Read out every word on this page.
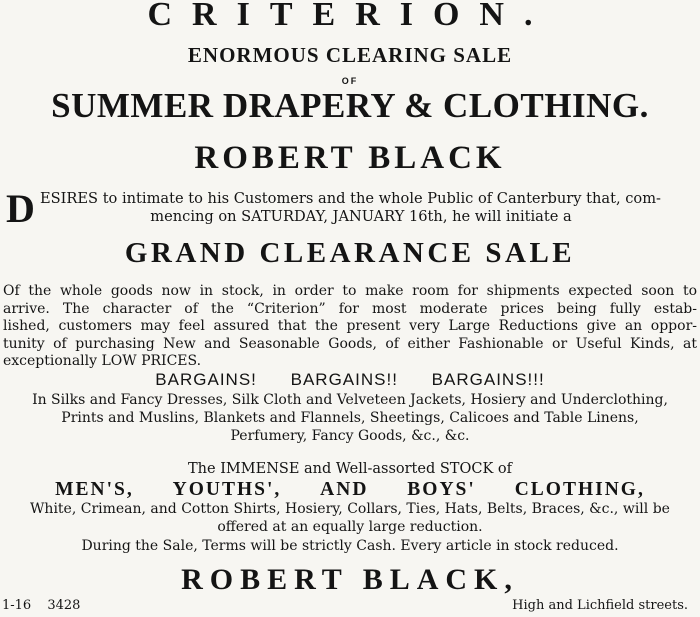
CRITERION.
ENORMOUS CLEARING SALE
OF
SUMMER DRAPERY & CLOTHING.
ROBERT BLACK
D ESIRES to intimate to his Customers and the whole Public of Canterbury that, com-
mencing on SATURDAY, JANUARY 16th, he will initiate a
GRAND CLEARANCE SALE
Of the whole goods now in stock, in order to make room for shipments expected soon to
arrive. The character of the “Criterion” for most moderate prices being fully estab-
lished, customers may feel assured that the present very Large Reductions give an oppor-
tunity of purchasing New and Seasonable Goods, of either Fashionable or Useful Kinds, at
exceptionally LOW PRICES.
BARGAINS! BARGAINS!! BARGAINS!!!
In Silks and Fancy Dresses, Silk Cloth and Velveteen Jackets, Hosiery and Underclothing,
Prints and Muslins, Blankets and Flannels, Sheetings, Calicoes and Table Linens,
Perfumery, Fancy Goods, &c., &c.
The IMMENSE and Well-assorted STOCK of
MEN'S, YOUTHS', AND BOYS' CLOTHING,
White, Crimean, and Cotton Shirts, Hosiery, Collars, Ties, Hats, Belts, Braces, &c., will be
offered at an equally large reduction.
During the Sale, Terms will be strictly Cash. Every article in stock reduced.
ROBERT BLACK,
1-16 3428	High and Lichfield streets.
